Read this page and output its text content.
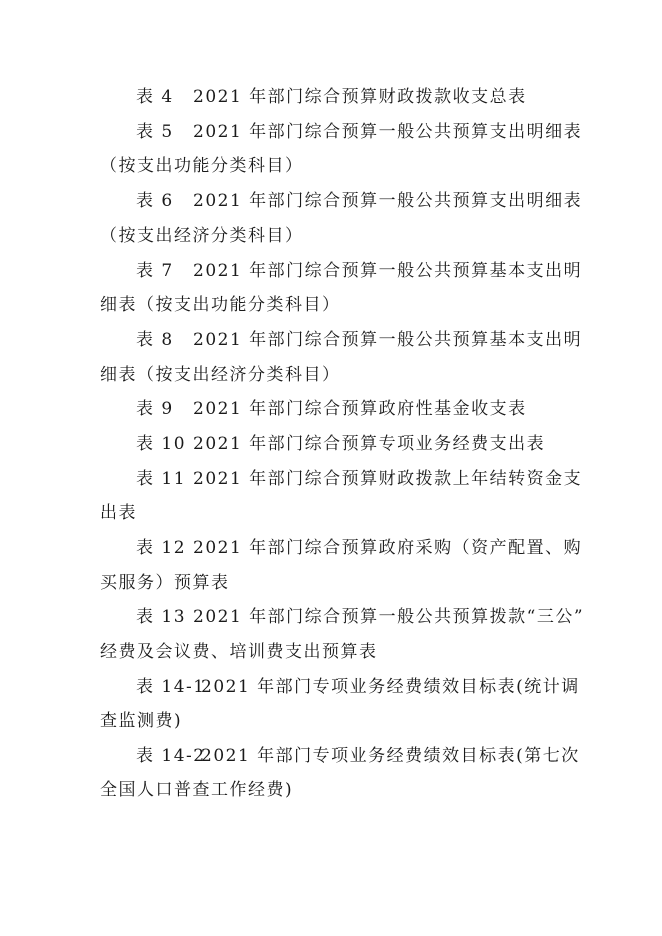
表 4 2021 年部门综合预算财政拨款收支总表
表 5 2021 年部门综合预算一般公共预算支出明细表
（按支出功能分类科目）
表 6 2021 年部门综合预算一般公共预算支出明细表
（按支出经济分类科目）
表 7 2021 年部门综合预算一般公共预算基本支出明
细表（按支出功能分类科目）
表 8 2021 年部门综合预算一般公共预算基本支出明
细表（按支出经济分类科目）
表 9 2021 年部门综合预算政府性基金收支表
表 10 2021 年部门综合预算专项业务经费支出表
表 11 2021 年部门综合预算财政拨款上年结转资金支
出表
表 12 2021 年部门综合预算政府采购（资产配置、购
买服务）预算表
表 13 2021 年部门综合预算一般公共预算拨款“三公”
经费及会议费、培训费支出预算表
表 14-12021 年部门专项业务经费绩效目标表(统计调
查监测费)
表 14-22021 年部门专项业务经费绩效目标表(第七次
全国人口普查工作经费)
